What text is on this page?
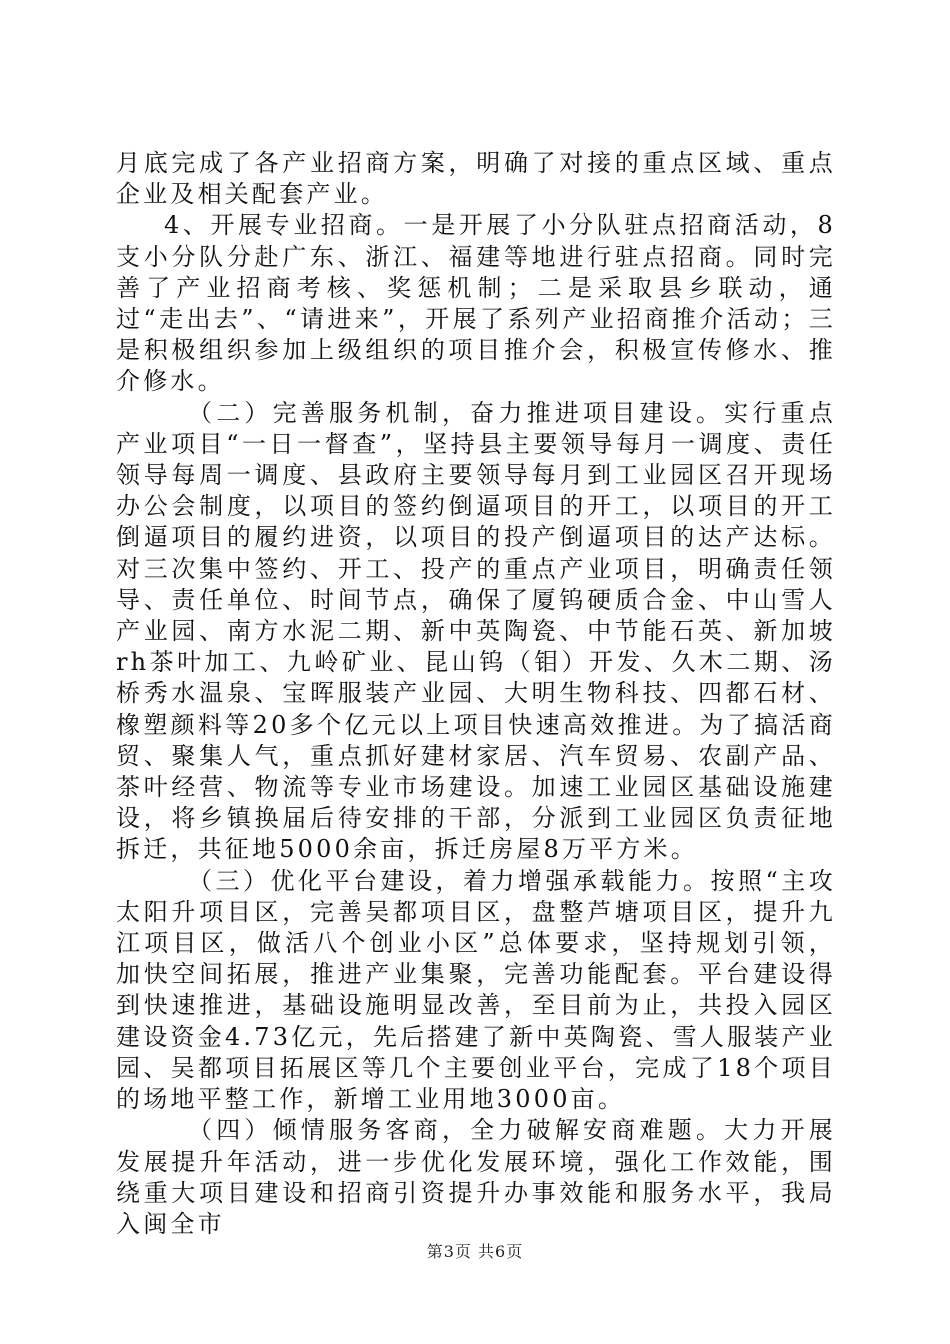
月底完成了各产业招商方案，明确了对接的重点区域、重点企业及相关配套产业。

4、开展专业招商。一是开展了小分队驻点招商活动，8支小分队分赴广东、浙江、福建等地进行驻点招商。同时完善了产业招商考核、奖惩机制；二是采取县乡联动，通过“走出去”、“请进来”，开展了系列产业招商推介活动；三是积极组织参加上级组织的项目推介会，积极宣传修水、推介修水。

（二）完善服务机制，奋力推进项目建设。实行重点产业项目“一日一督查”，坚持县主要领导每月一调度、责任领导每周一调度、县政府主要领导每月到工业园区召开现场办公会制度，以项目的签约倒逼项目的开工，以项目的开工倒逼项目的履约进资，以项目的投产倒逼项目的达产达标。对三次集中签约、开工、投产的重点产业项目，明确责任领导、责任单位、时间节点，确保了厦钨硬质合金、中山雪人产业园、南方水泥二期、新中英陶瓷、中节能石英、新加坡rh茶叶加工、九岭矿业、昆山钨（钼）开发、久木二期、汤桥秀水温泉、宝晖服装产业园、大明生物科技、四都石材、橡塑颜料等20多个亿元以上项目快速高效推进。为了搞活商贸、聚集人气，重点抓好建材家居、汽车贸易、农副产品、茶叶经营、物流等专业市场建设。加速工业园区基础设施建设，将乡镇换届后待安排的干部，分派到工业园区负责征地拆迁，共征地5000余亩，拆迁房屋8万平方米。

（三）优化平台建设，着力增强承载能力。按照“主攻太阳升项目区，完善吴都项目区，盘整芦塘项目区，提升九江项目区，做活八个创业小区”总体要求，坚持规划引领，加快空间拓展，推进产业集聚，完善功能配套。平台建设得到快速推进，基础设施明显改善，至目前为止，共投入园区建设资金4.73亿元，先后搭建了新中英陶瓷、雪人服装产业园、吴都项目拓展区等几个主要创业平台，完成了18个项目的场地平整工作，新增工业用地3000亩。

（四）倾情服务客商，全力破解安商难题。大力开展发展提升年活动，进一步优化发展环境，强化工作效能，围绕重大项目建设和招商引资提升办事效能和服务水平，我局入闽全市

第3页 共6页
